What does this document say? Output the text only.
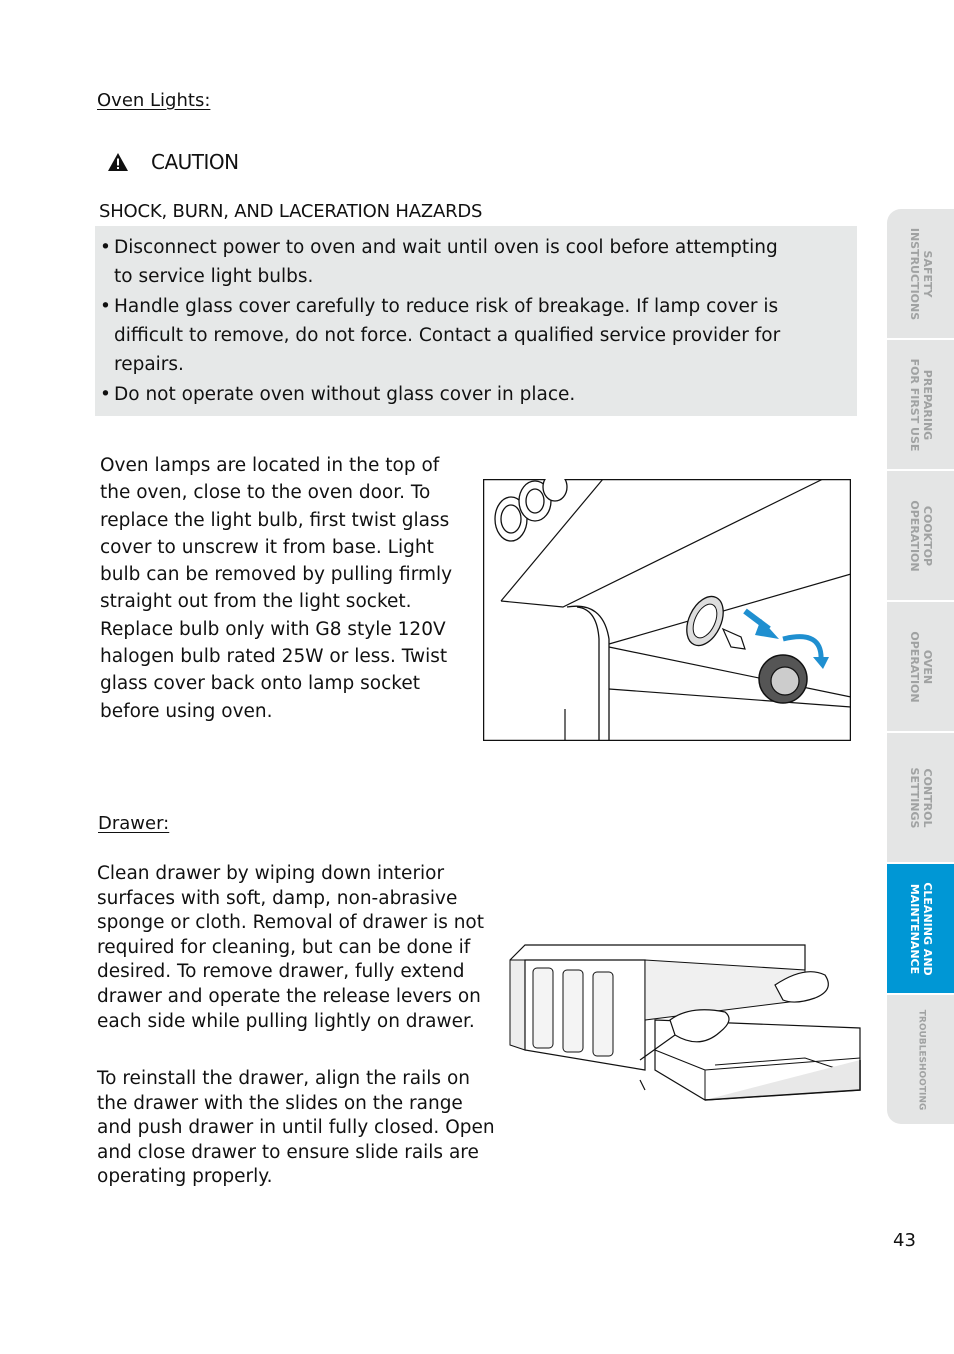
Oven Lights:
CAUTION
SHOCK, BURN, AND LACERATION HAZARDS
• Disconnect power to oven and wait until oven is cool before attempting
to service light bulbs.
• Handle glass cover carefully to reduce risk of breakage. If lamp cover is
difficult to remove, do not force. Contact a qualified service provider for
repairs.
• Do not operate oven without glass cover in place.
Oven lamps are located in the top of the oven, close to the oven door. To replace the light bulb, first twist glass cover to unscrew it from base. Light bulb can be removed by pulling firmly straight out from the light socket. Replace bulb only with G8 style 120V halogen bulb rated 25W or less. Twist glass cover back onto lamp socket before using oven.
Drawer:
Clean drawer by wiping down interior surfaces with soft, damp, non-abrasive sponge or cloth. Removal of drawer is not required for cleaning, but can be done if desired. To remove drawer, fully extend drawer and operate the release levers on each side while pulling lightly on drawer.
To reinstall the drawer, align the rails on the drawer with the slides on the range and push drawer in until fully closed. Open and close drawer to ensure slide rails are operating properly.
43
SAFETY
INSTRUCTIONS
PREPARING
FOR FIRST USE
COOKTOP
OPERATION
OVEN
OPERATION
CONTROL
SETTINGS
CLEANING AND
MAINTENANCE
TROUBLESHOOTING
